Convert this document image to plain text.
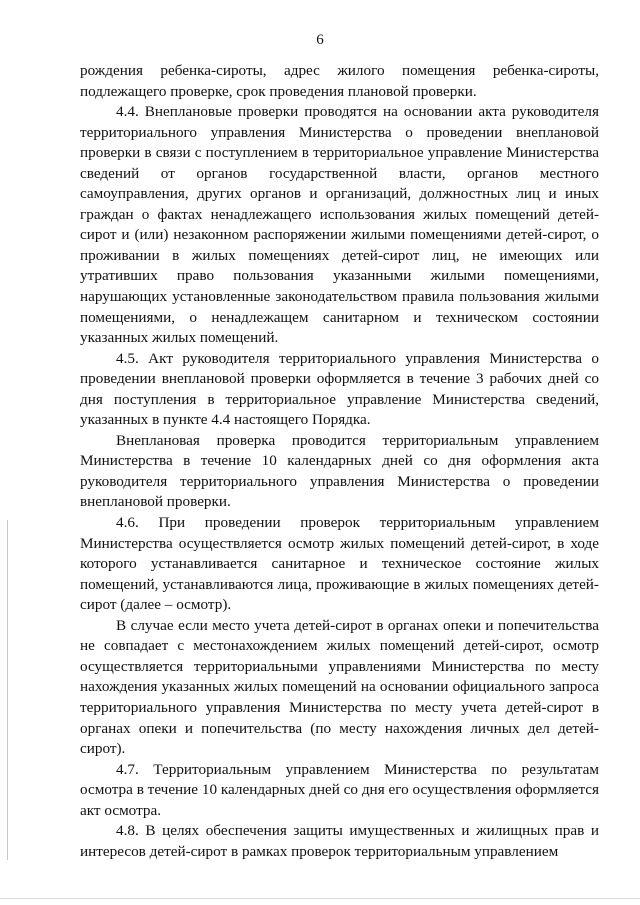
6

рождения ребенка-сироты, адрес жилого помещения ребенка-сироты, подлежащего проверке, срок проведения плановой проверки.

4.4. Внеплановые проверки проводятся на основании акта руководителя территориального управления Министерства о проведении внеплановой проверки в связи с поступлением в территориальное управление Министерства сведений от органов государственной власти, органов местного самоуправления, других органов и организаций, должностных лиц и иных граждан о фактах ненадлежащего использования жилых помещений детей-сирот и (или) незаконном распоряжении жилыми помещениями детей-сирот, о проживании в жилых помещениях детей-сирот лиц, не имеющих или утративших право пользования указанными жилыми помещениями, нарушающих установленные законодательством правила пользования жилыми помещениями, о ненадлежащем санитарном и техническом состоянии указанных жилых помещений.

4.5. Акт руководителя территориального управления Министерства о проведении внеплановой проверки оформляется в течение 3 рабочих дней со дня поступления в территориальное управление Министерства сведений, указанных в пункте 4.4 настоящего Порядка.

Внеплановая проверка проводится территориальным управлением Министерства в течение 10 календарных дней со дня оформления акта руководителя территориального управления Министерства о проведении внеплановой проверки.

4.6. При проведении проверок территориальным управлением Министерства осуществляется осмотр жилых помещений детей-сирот, в ходе которого устанавливается санитарное и техническое состояние жилых помещений, устанавливаются лица, проживающие в жилых помещениях детей-сирот (далее – осмотр).

В случае если место учета детей-сирот в органах опеки и попечительства не совпадает с местонахождением жилых помещений детей-сирот, осмотр осуществляется территориальными управлениями Министерства по месту нахождения указанных жилых помещений на основании официального запроса территориального управления Министерства по месту учета детей-сирот в органах опеки и попечительства (по месту нахождения личных дел детей-сирот).

4.7. Территориальным управлением Министерства по результатам осмотра в течение 10 календарных дней со дня его осуществления оформляется акт осмотра.

4.8. В целях обеспечения защиты имущественных и жилищных прав и интересов детей-сирот в рамках проверок территориальным управлением
